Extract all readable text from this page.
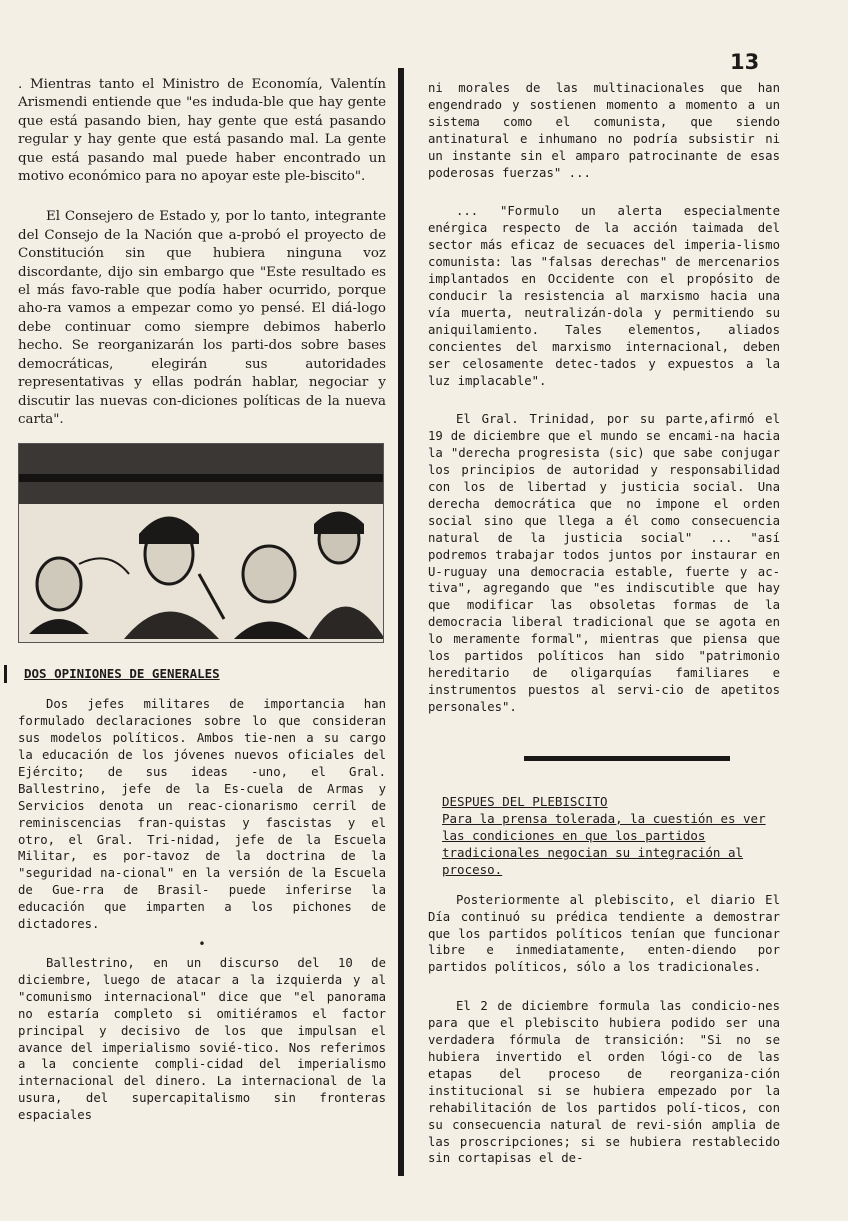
13

. Mientras tanto el Ministro de Economía, Valentín Arismendi entiende que "es induda-ble que hay gente que está pasando bien, hay gente que está pasando regular y hay gente que está pasando mal. La gente que está pasando mal puede haber encontrado un motivo económico para no apoyar este ple-biscito".

El Consejero de Estado y, por lo tanto, integrante del Consejo de la Nación que a-probó el proyecto de Constitución sin que hubiera ninguna voz discordante, dijo sin embargo que "Este resultado es el más favo-rable que podía haber ocurrido, porque aho-ra vamos a empezar como yo pensé. El diá-logo debe continuar como siempre debimos haberlo hecho. Se reorganizarán los parti-dos sobre bases democráticas, elegirán sus autoridades representativas y ellas podrán hablar, negociar y discutir las nuevas con-diciones políticas de la nueva carta".

DOS OPINIONES DE GENERALES

Dos jefes militares de importancia han formulado declaraciones sobre lo que consideran sus modelos políticos. Ambos tie-nen a su cargo la educación de los jóvenes nuevos oficiales del Ejército; de sus ideas -uno, el Gral. Ballestrino, jefe de la Es-cuela de Armas y Servicios denota un reac-cionarismo cerril de reminiscencias fran-quistas y fascistas y el otro, el Gral. Tri-nidad, jefe de la Escuela Militar, es por-tavoz de la doctrina de la "seguridad na-cional" en la versión de la Escuela de Gue-rra de Brasil- puede inferirse la educación que imparten a los pichones de dictadores.

•

Ballestrino, en un discurso del 10 de diciembre, luego de atacar a la izquierda y al "comunismo internacional" dice que "el panorama no estaría completo si omitiéramos el factor principal y decisivo de los que impulsan el avance del imperialismo sovié-tico. Nos referimos a la conciente compli-cidad del imperialismo internacional del dinero. La internacional de la usura, del supercapitalismo sin fronteras espaciales

ni morales de las multinacionales que han engendrado y sostienen momento a momento a un sistema como el comunista, que siendo antinatural e inhumano no podría subsistir ni un instante sin el amparo patrocinante de esas poderosas fuerzas" ...

... "Formulo un alerta especialmente enérgica respecto de la acción taimada del sector más eficaz de secuaces del imperia-lismo comunista: las "falsas derechas" de mercenarios implantados en Occidente con el propósito de conducir la resistencia al marxismo hacia una vía muerta, neutralizán-dola y permitiendo su aniquilamiento. Tales elementos, aliados concientes del marxismo internacional, deben ser celosamente detec-tados y expuestos a la luz implacable".

El Gral. Trinidad, por su parte,afirmó el 19 de diciembre que el mundo se encami-na hacia la "derecha progresista (sic) que sabe conjugar los principios de autoridad y responsabilidad con los de libertad y justicia social. Una derecha democrática que no impone el orden social sino que llega a él como consecuencia natural de la justicia social" ... "así podremos trabajar todos juntos por instaurar en U-ruguay una democracia estable, fuerte y ac-tiva", agregando que "es indiscutible que hay que modificar las obsoletas formas de la democracia liberal tradicional que se agota en lo meramente formal", mientras que piensa que los partidos políticos han sido "patrimonio hereditario de oligarquías familiares e instrumentos puestos al servi-cio de apetitos personales".

DESPUES DEL PLEBISCITO
Para la prensa tolerada, la cuestión es ver las condiciones en que los partidos tradicionales negocian su integración al proceso.

Posteriormente al plebiscito, el diario El Día continuó su prédica tendiente a demostrar que los partidos políticos tenían que funcionar libre e inmediatamente, enten-diendo por partidos políticos, sólo a los tradicionales.

El 2 de diciembre formula las condicio-nes para que el plebiscito hubiera podido ser una verdadera fórmula de transición: "Si no se hubiera invertido el orden lógi-co de las etapas del proceso de reorganiza-ción institucional si se hubiera empezado por la rehabilitación de los partidos polí-ticos, con su consecuencia natural de revi-sión amplia de las proscripciones; si se hubiera restablecido sin cortapisas el de-
